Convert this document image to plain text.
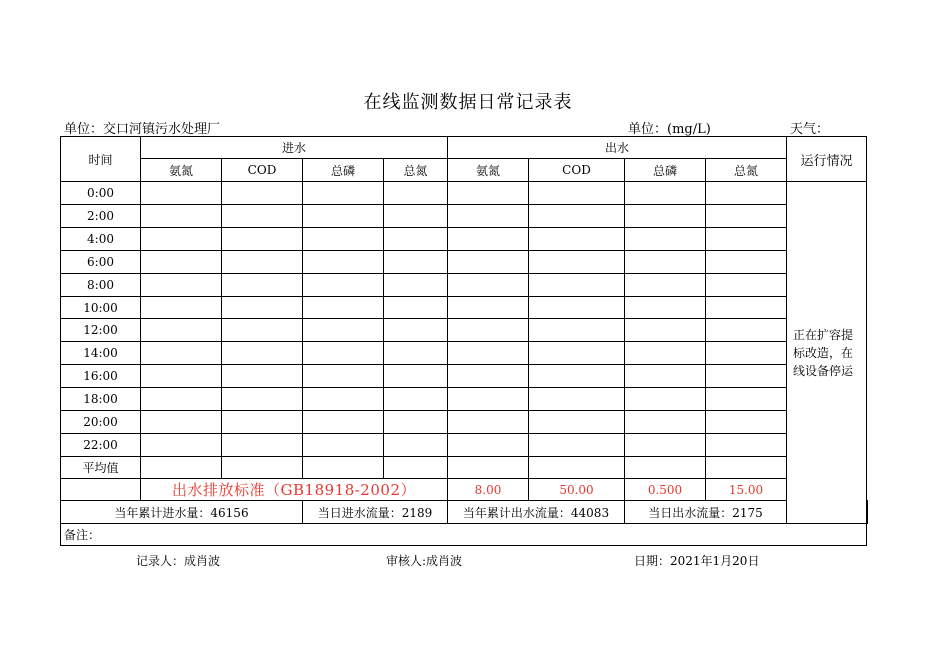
在线监测数据日常记录表
单位：交口河镇污水处理厂	单位：(mg/L)	天气：
时间	进水				出水				运行情况	
	氨氮	COD	总磷	总氮	氨氮	COD	总磷	总氮		
0:00									正在扩容提标改造，在线设备停运	
2:00										
4:00										
6:00										
8:00										
10:00										
12:00										
14:00										
16:00										
18:00										
20:00										
22:00										
平均值										
	出水排放标准（GB18918-2002）				8.00	50.00	0.500	15.00		
当年累计进水量：46156			当日进水流量：2189		当年累计出水流量：44083		当日出水流量：2175			
备注：										
记录人：成肖波	审核人:成肖波	日期：2021年1月20日
